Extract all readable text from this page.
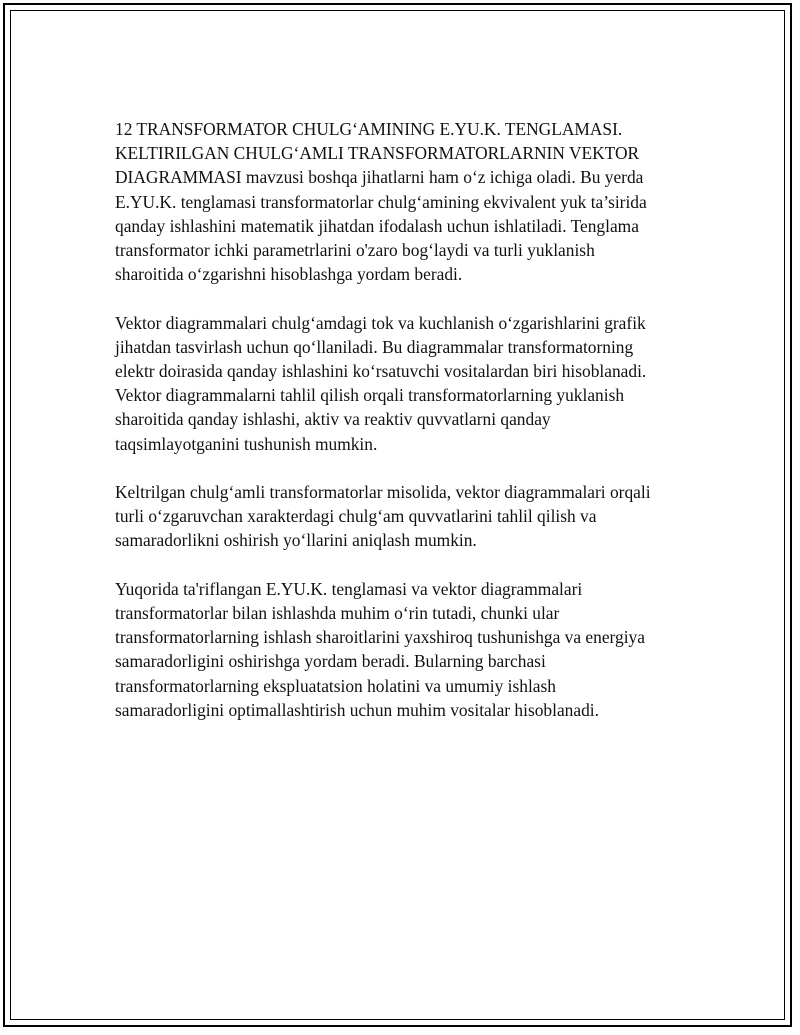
12 TRANSFORMATOR CHULG‘AMINING E.YU.K. TENGLAMASI.
KELTIRILGAN CHULG‘AMLI TRANSFORMATORLARNIN VEKTOR
DIAGRAMMASI mavzusi boshqa jihatlarni ham o‘z ichiga oladi. Bu yerda
E.YU.K. tenglamasi transformatorlar chulg‘amining ekvivalent yuk ta’sirida
qanday ishlashini matematik jihatdan ifodalash uchun ishlatiladi. Tenglama
transformator ichki parametrlarini o'zaro bog‘laydi va turli yuklanish
sharoitida o‘zgarishni hisoblashga yordam beradi.

Vektor diagrammalari chulg‘amdagi tok va kuchlanish o‘zgarishlarini grafik
jihatdan tasvirlash uchun qo‘llaniladi. Bu diagrammalar transformatorning
elektr doirasida qanday ishlashini ko‘rsatuvchi vositalardan biri hisoblanadi.
Vektor diagrammalarni tahlil qilish orqali transformatorlarning yuklanish
sharoitida qanday ishlashi, aktiv va reaktiv quvvatlarni qanday
taqsimlayotganini tushunish mumkin.

Keltrilgan chulg‘amli transformatorlar misolida, vektor diagrammalari orqali
turli o‘zgaruvchan xarakterdagi chulg‘am quvvatlarini tahlil qilish va
samaradorlikni oshirish yo‘llarini aniqlash mumkin.

Yuqorida ta'riflangan E.YU.K. tenglamasi va vektor diagrammalari
transformatorlar bilan ishlashda muhim o‘rin tutadi, chunki ular
transformatorlarning ishlash sharoitlarini yaxshiroq tushunishga va energiya
samaradorligini oshirishga yordam beradi. Bularning barchasi
transformatorlarning ekspluatatsion holatini va umumiy ishlash
samaradorligini optimallashtirish uchun muhim vositalar hisoblanadi.
